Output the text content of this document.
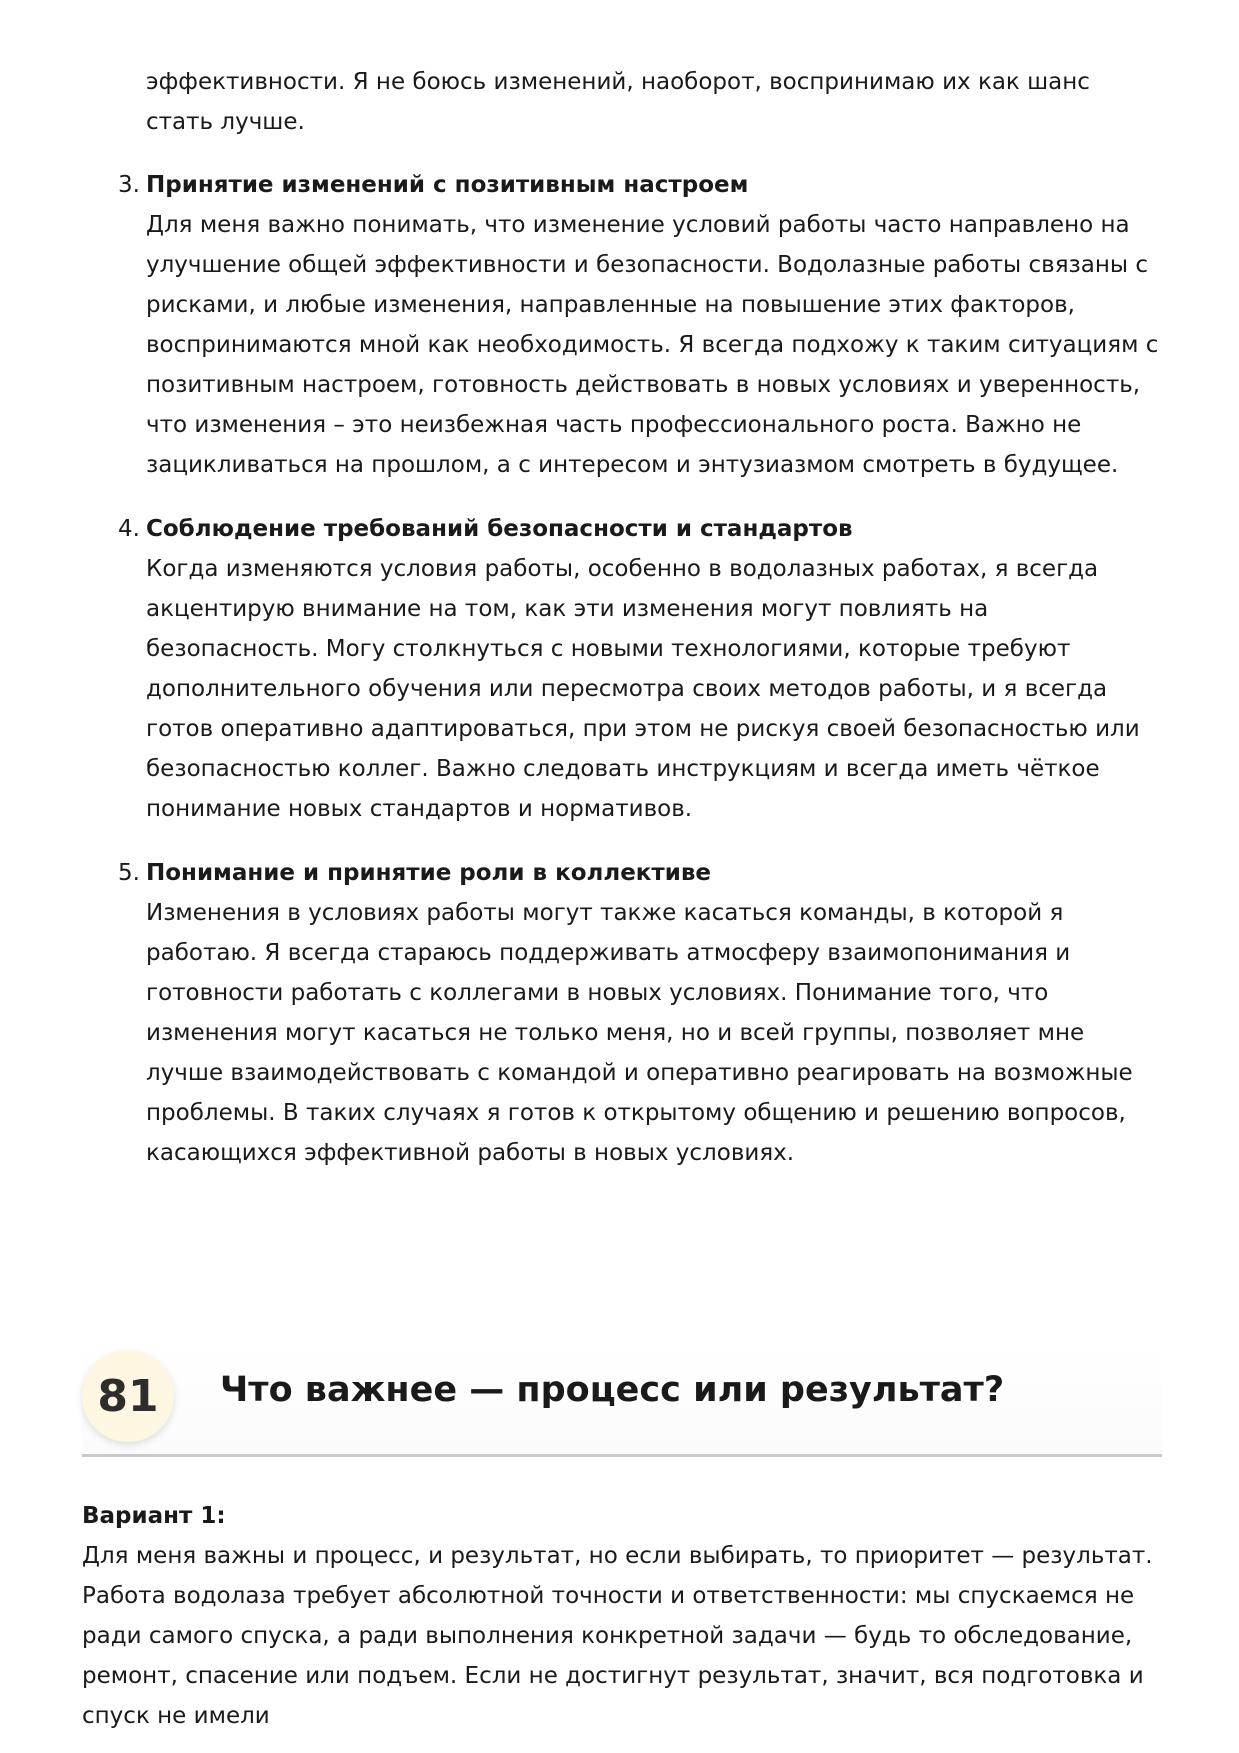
эффективности. Я не боюсь изменений, наоборот, воспринимаю их как шанс стать лучше.
3. Принятие изменений с позитивным настроем
Для меня важно понимать, что изменение условий работы часто направлено на улучшение общей эффективности и безопасности. Водолазные работы связаны с рисками, и любые изменения, направленные на повышение этих факторов, воспринимаются мной как необходимость. Я всегда подхожу к таким ситуациям с позитивным настроем, готовность действовать в новых условиях и уверенность, что изменения – это неизбежная часть профессионального роста. Важно не зацикливаться на прошлом, а с интересом и энтузиазмом смотреть в будущее.
4. Соблюдение требований безопасности и стандартов
Когда изменяются условия работы, особенно в водолазных работах, я всегда акцентирую внимание на том, как эти изменения могут повлиять на безопасность. Могу столкнуться с новыми технологиями, которые требуют дополнительного обучения или пересмотра своих методов работы, и я всегда готов оперативно адаптироваться, при этом не рискуя своей безопасностью или безопасностью коллег. Важно следовать инструкциям и всегда иметь чёткое понимание новых стандартов и нормативов.
5. Понимание и принятие роли в коллективе
Изменения в условиях работы могут также касаться команды, в которой я работаю. Я всегда стараюсь поддерживать атмосферу взаимопонимания и готовности работать с коллегами в новых условиях. Понимание того, что изменения могут касаться не только меня, но и всей группы, позволяет мне лучше взаимодействовать с командой и оперативно реагировать на возможные проблемы. В таких случаях я готов к открытому общению и решению вопросов, касающихся эффективной работы в новых условиях.
81	Что важнее — процесс или результат?
Вариант 1:
Для меня важны и процесс, и результат, но если выбирать, то приоритет — результат. Работа водолаза требует абсолютной точности и ответственности: мы спускаемся не ради самого спуска, а ради выполнения конкретной задачи — будь то обследование, ремонт, спасение или подъем. Если не достигнут результат, значит, вся подготовка и спуск не имели
